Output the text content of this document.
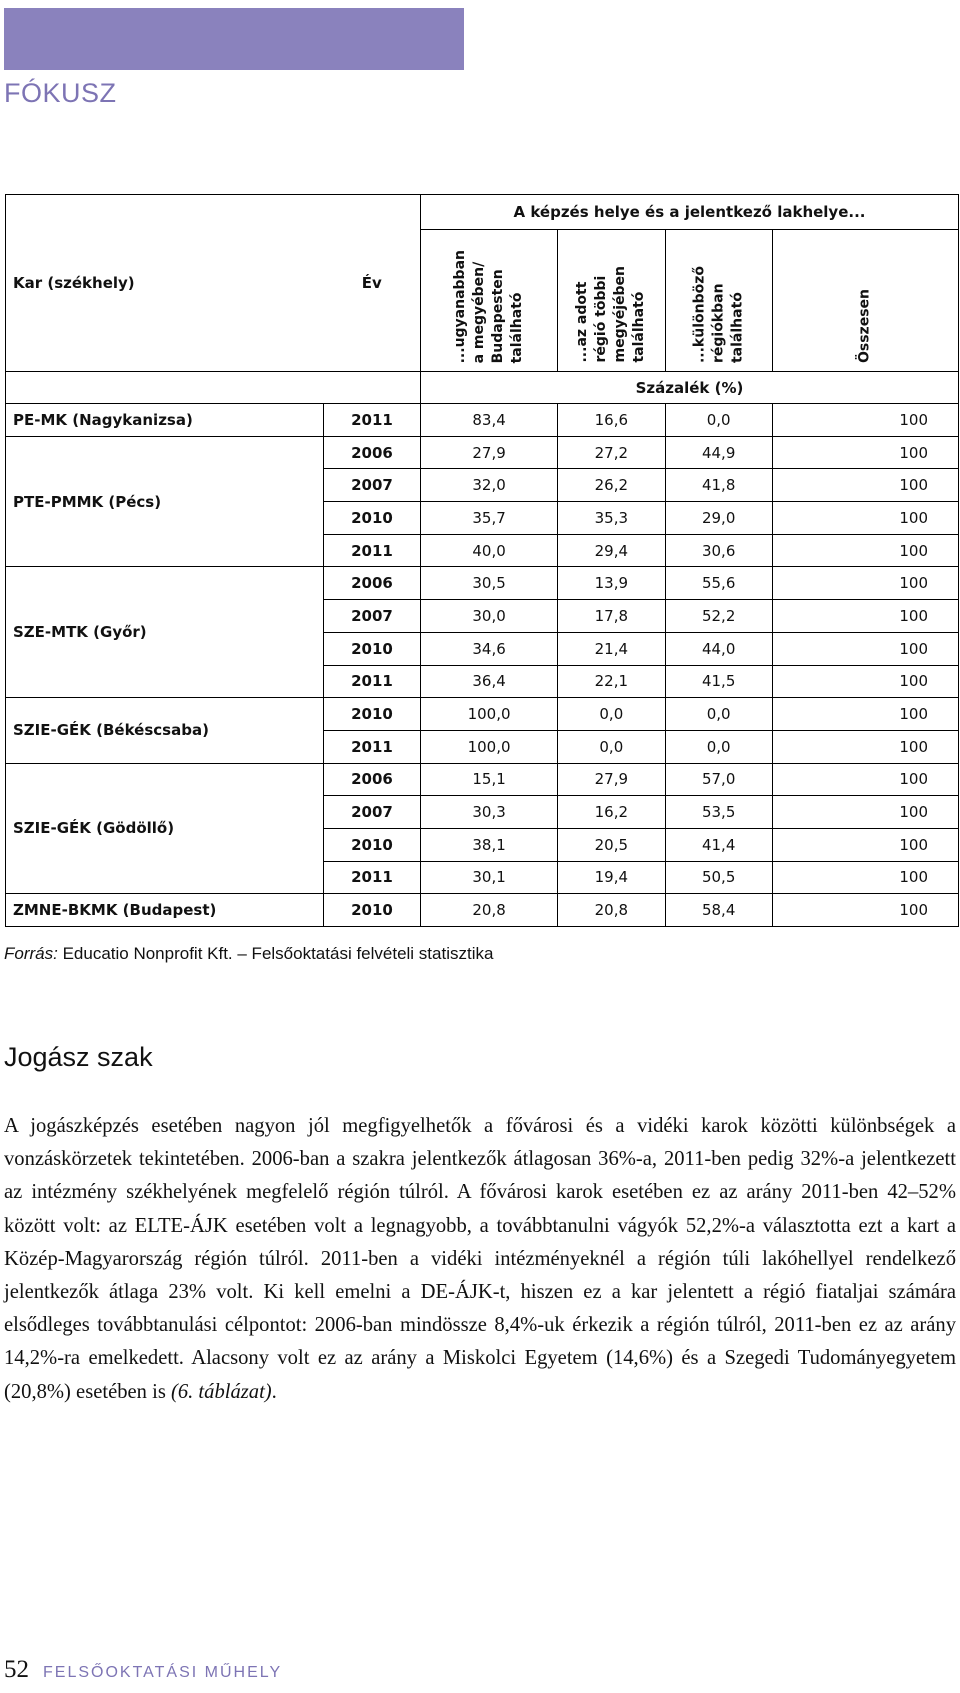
FÓKUSZ
Kar (székhely)	Év	A képzés helye és a jelentkező lakhelye...			

		...ugyanabban
a megyében/
Budapesten
található	...az adott
régió többi
megyéjében
található	...különböző
régiókban
található	Összesen

		Százalék (%)			
PE-MK (Nagykanizsa)	2011	83,4	16,6	0,0	100
PTE-PMMK (Pécs)	2006	27,9	27,2	44,9	100
	2007	32,0	26,2	41,8	100
	2010	35,7	35,3	29,0	100
	2011	40,0	29,4	30,6	100
SZE-MTK (Győr)	2006	30,5	13,9	55,6	100
	2007	30,0	17,8	52,2	100
	2010	34,6	21,4	44,0	100
	2011	36,4	22,1	41,5	100
SZIE-GÉK (Békéscsaba)	2010	100,0	0,0	0,0	100
	2011	100,0	0,0	0,0	100
SZIE-GÉK (Gödöllő)	2006	15,1	27,9	57,0	100
	2007	30,3	16,2	53,5	100
	2010	38,1	20,5	41,4	100
	2011	30,1	19,4	50,5	100
ZMNE-BKMK (Budapest)	2010	20,8	20,8	58,4	100
Forrás: Educatio Nonprofit Kft. – Felsőoktatási felvételi statisztika
Jogász szak
A jogászképzés esetében nagyon jól megfigyelhetők a fővárosi és a vidéki karok közötti különbségek a vonzáskörzetek tekintetében. 2006-ban a szakra jelentkezők átlagosan 36%-a, 2011-ben pedig 32%-a jelentkezett az intézmény székhelyének megfelelő régión túlról. A fővárosi karok esetében ez az arány 2011-ben 42–52% között volt: az ELTE-ÁJK esetében volt a legnagyobb, a továbbtanulni vágyók 52,2%-a választotta ezt a kart a Közép-Magyarország régión túlról. 2011-ben a vidéki intézményeknél a régión túli lakóhellyel rendelkező jelentkezők átlaga 23% volt. Ki kell emelni a DE-ÁJK-t, hiszen ez a kar jelentett a régió fiataljai számára elsődleges továbbtanulási célpontot: 2006-ban mindössze 8,4%-uk érkezik a régión túlról, 2011-ben ez az arány 14,2%-ra emelkedett. Alacsony volt ez az arány a Miskolci Egyetem (14,6%) és a Szegedi Tudományegyetem (20,8%) esetében is (6. táblázat).
52 FELSŐOKTATÁSI MŰHELY
